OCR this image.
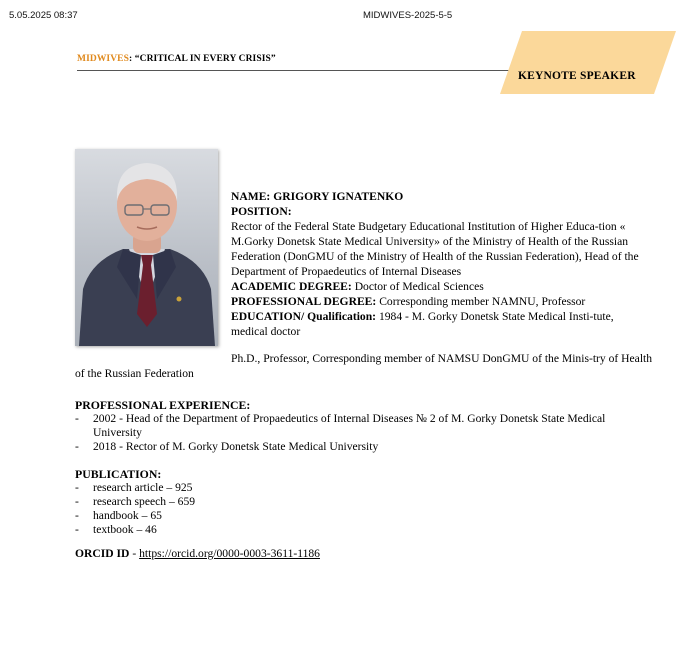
5.05.2025 08:37	MIDWIVES-2025-5-5
MIDWIVES: “CRITICAL IN EVERY CRISIS”
KEYNOTE SPEAKER

NAME: GRIGORY IGNATENKO

POSITION:

Rector of the Federal State Budgetary Educational Institution of Higher Educa-tion « M.Gorky Donetsk State Medical University» of the Ministry of Health of the Russian Federation (DonGMU of the Ministry of Health of the Russian Federation), Head of the Department of Propaedeutics of Internal Diseases

ACADEMIC DEGREE: Doctor of Medical Sciences

PROFESSIONAL DEGREE: Corresponding member NAMNU, Professor

EDUCATION/ Qualification: 1984 - M. Gorky Donetsk State Medical Insti-tute, medical doctor

Ph.D., Professor, Corresponding member of NAMSU DonGMU of the Minis-try of Health of the Russian Federation
PROFESSIONAL EXPERIENCE:
- 2002 - Head of the Department of Propaedeutics of Internal Diseases № 2 of M. Gorky Donetsk State Medical University
- 2018 - Rector of M. Gorky Donetsk State Medical University
PUBLICATION:
- research article – 925
- research speech – 659
- handbook – 65
- textbook – 46
ORCID ID - https://orcid.org/0000-0003-3611-1186
